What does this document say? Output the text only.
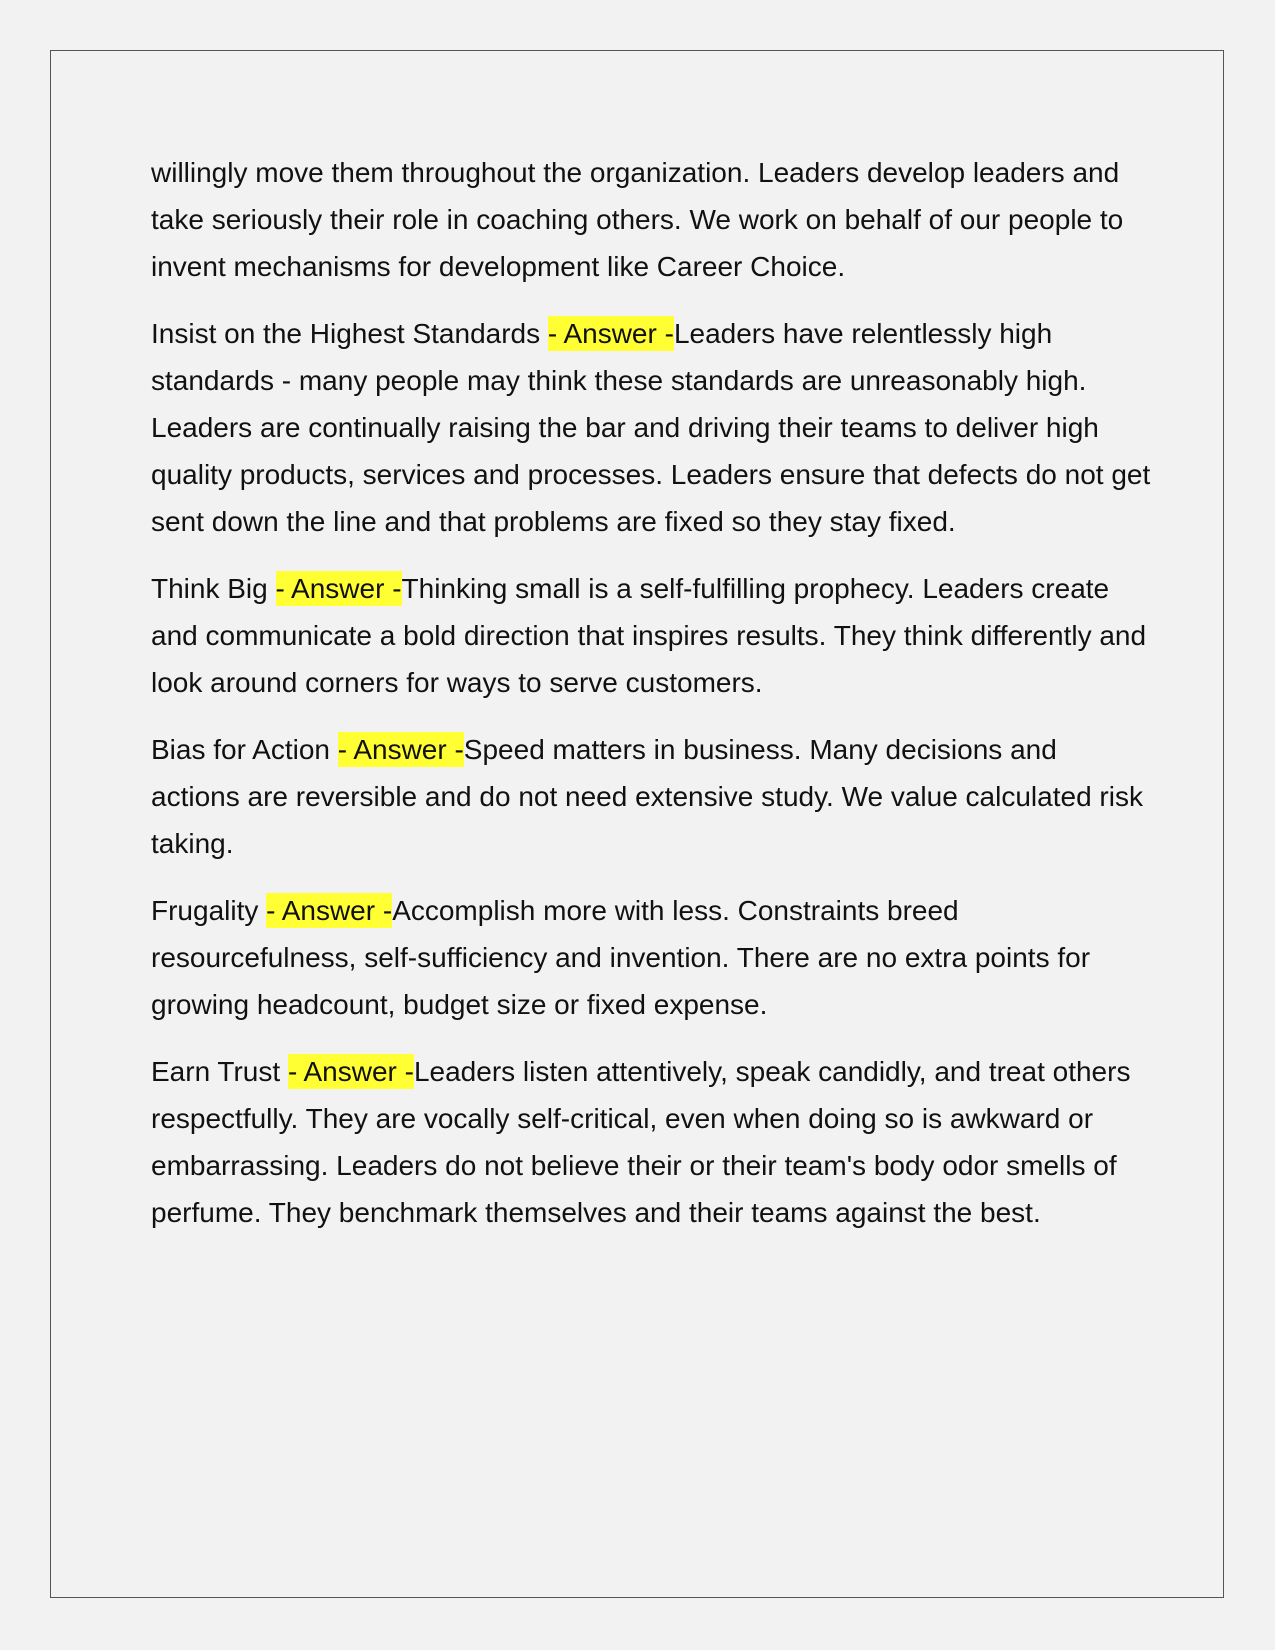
willingly move them throughout the organization. Leaders develop leaders and take seriously their role in coaching others. We work on behalf of our people to invent mechanisms for development like Career Choice.

Insist on the Highest Standards - Answer -Leaders have relentlessly high standards - many people may think these standards are unreasonably high. Leaders are continually raising the bar and driving their teams to deliver high quality products, services and processes. Leaders ensure that defects do not get sent down the line and that problems are fixed so they stay fixed.

Think Big - Answer -Thinking small is a self-fulfilling prophecy. Leaders create and communicate a bold direction that inspires results. They think differently and look around corners for ways to serve customers.

Bias for Action - Answer -Speed matters in business. Many decisions and actions are reversible and do not need extensive study. We value calculated risk taking.

Frugality - Answer -Accomplish more with less. Constraints breed resourcefulness, self-sufficiency and invention. There are no extra points for growing headcount, budget size or fixed expense.

Earn Trust - Answer -Leaders listen attentively, speak candidly, and treat others respectfully. They are vocally self-critical, even when doing so is awkward or embarrassing. Leaders do not believe their or their team's body odor smells of perfume. They benchmark themselves and their teams against the best.
